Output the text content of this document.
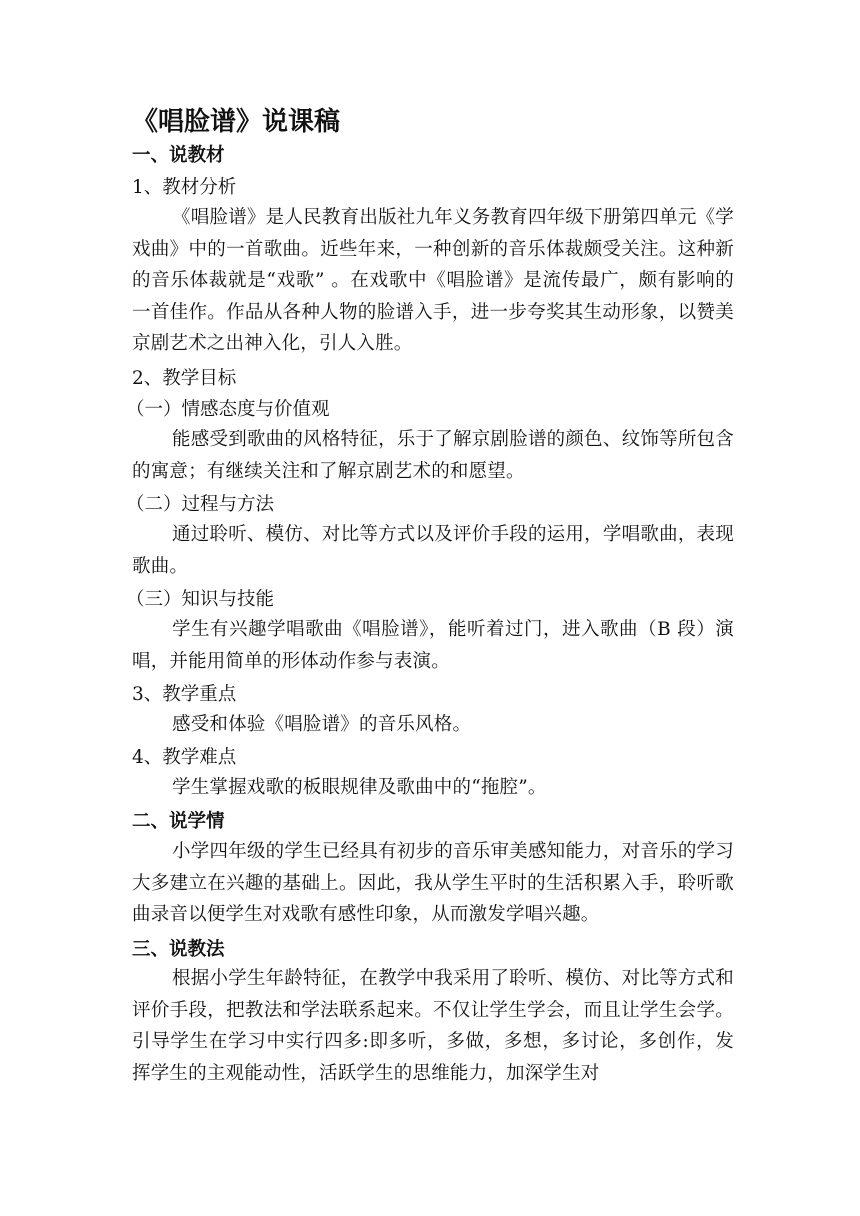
《唱脸谱》说课稿
一、说教材
1、教材分析

《唱脸谱》是人民教育出版社九年义务教育四年级下册第四单元《学戏曲》中的一首歌曲。近些年来，一种创新的音乐体裁颇受关注。这种新的音乐体裁就是“戏歌” 。在戏歌中《唱脸谱》是流传最广，颇有影响的一首佳作。作品从各种人物的脸谱入手，进一步夸奖其生动形象，以赞美京剧艺术之出神入化，引人入胜。

2、教学目标
（一）情感态度与价值观

能感受到歌曲的风格特征，乐于了解京剧脸谱的颜色、纹饰等所包含的寓意；有继续关注和了解京剧艺术的和愿望。

（二）过程与方法

通过聆听、模仿、对比等方式以及评价手段的运用，学唱歌曲，表现歌曲。

（三）知识与技能

学生有兴趣学唱歌曲《唱脸谱》，能听着过门，进入歌曲（B 段）演唱，并能用简单的形体动作参与表演。

3、教学重点

感受和体验《唱脸谱》的音乐风格。

4、教学难点

学生掌握戏歌的板眼规律及歌曲中的“拖腔”。

二、说学情

小学四年级的学生已经具有初步的音乐审美感知能力，对音乐的学习大多建立在兴趣的基础上。因此，我从学生平时的生活积累入手，聆听歌曲录音以便学生对戏歌有感性印象，从而激发学唱兴趣。

三、说教法

根据小学生年龄特征，在教学中我采用了聆听、模仿、对比等方式和评价手段，把教法和学法联系起来。不仅让学生学会，而且让学生会学。引导学生在学习中实行四多:即多听，多做，多想，多讨论，多创作，发挥学生的主观能动性，活跃学生的思维能力，加深学生对
